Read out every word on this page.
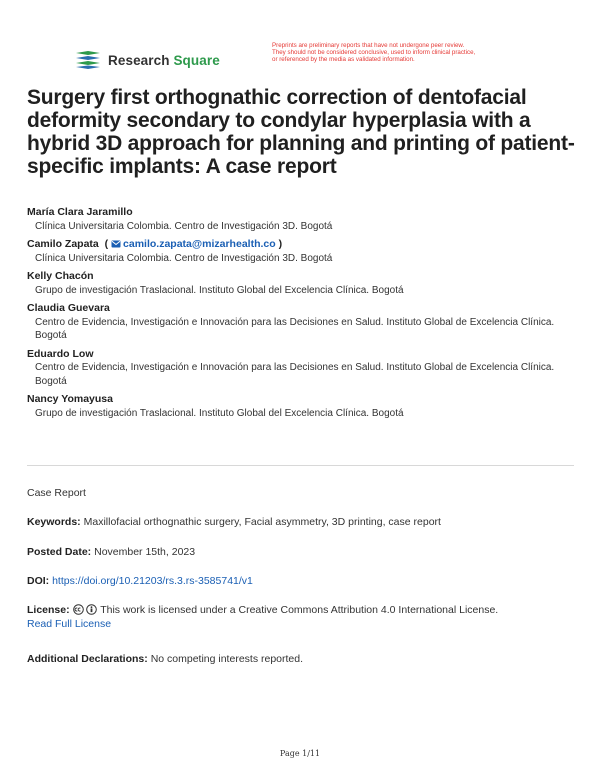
Research Square
Preprints are preliminary reports that have not undergone peer review.
They should not be considered conclusive, used to inform clinical practice,
or referenced by the media as validated information.
Surgery first orthognathic correction of dentofacial deformity secondary to condylar hyperplasia with a hybrid 3D approach for planning and printing of patient-specific implants: A case report
María Clara Jaramillo
Clínica Universitaria Colombia. Centro de Investigación 3D. Bogotá
Camilo Zapata  ( camilo.zapata@mizarhealth.co )
Clínica Universitaria Colombia. Centro de Investigación 3D. Bogotá
Kelly Chacón
Grupo de investigación Traslacional. Instituto Global del Excelencia Clínica. Bogotá
Claudia Guevara
Centro de Evidencia, Investigación e Innovación para las Decisiones en Salud. Instituto Global de Excelencia Clínica. Bogotá
Eduardo Low
Centro de Evidencia, Investigación e Innovación para las Decisiones en Salud. Instituto Global de Excelencia Clínica. Bogotá
Nancy Yomayusa
Grupo de investigación Traslacional. Instituto Global del Excelencia Clínica. Bogotá
Case Report
Keywords: Maxillofacial orthognathic surgery, Facial asymmetry, 3D printing, case report
Posted Date: November 15th, 2023
DOI: https://doi.org/10.21203/rs.3.rs-3585741/v1
License:	This work is licensed under a Creative Commons Attribution 4.0 International License.
Read Full License
Additional Declarations: No competing interests reported.
Page 1/11
